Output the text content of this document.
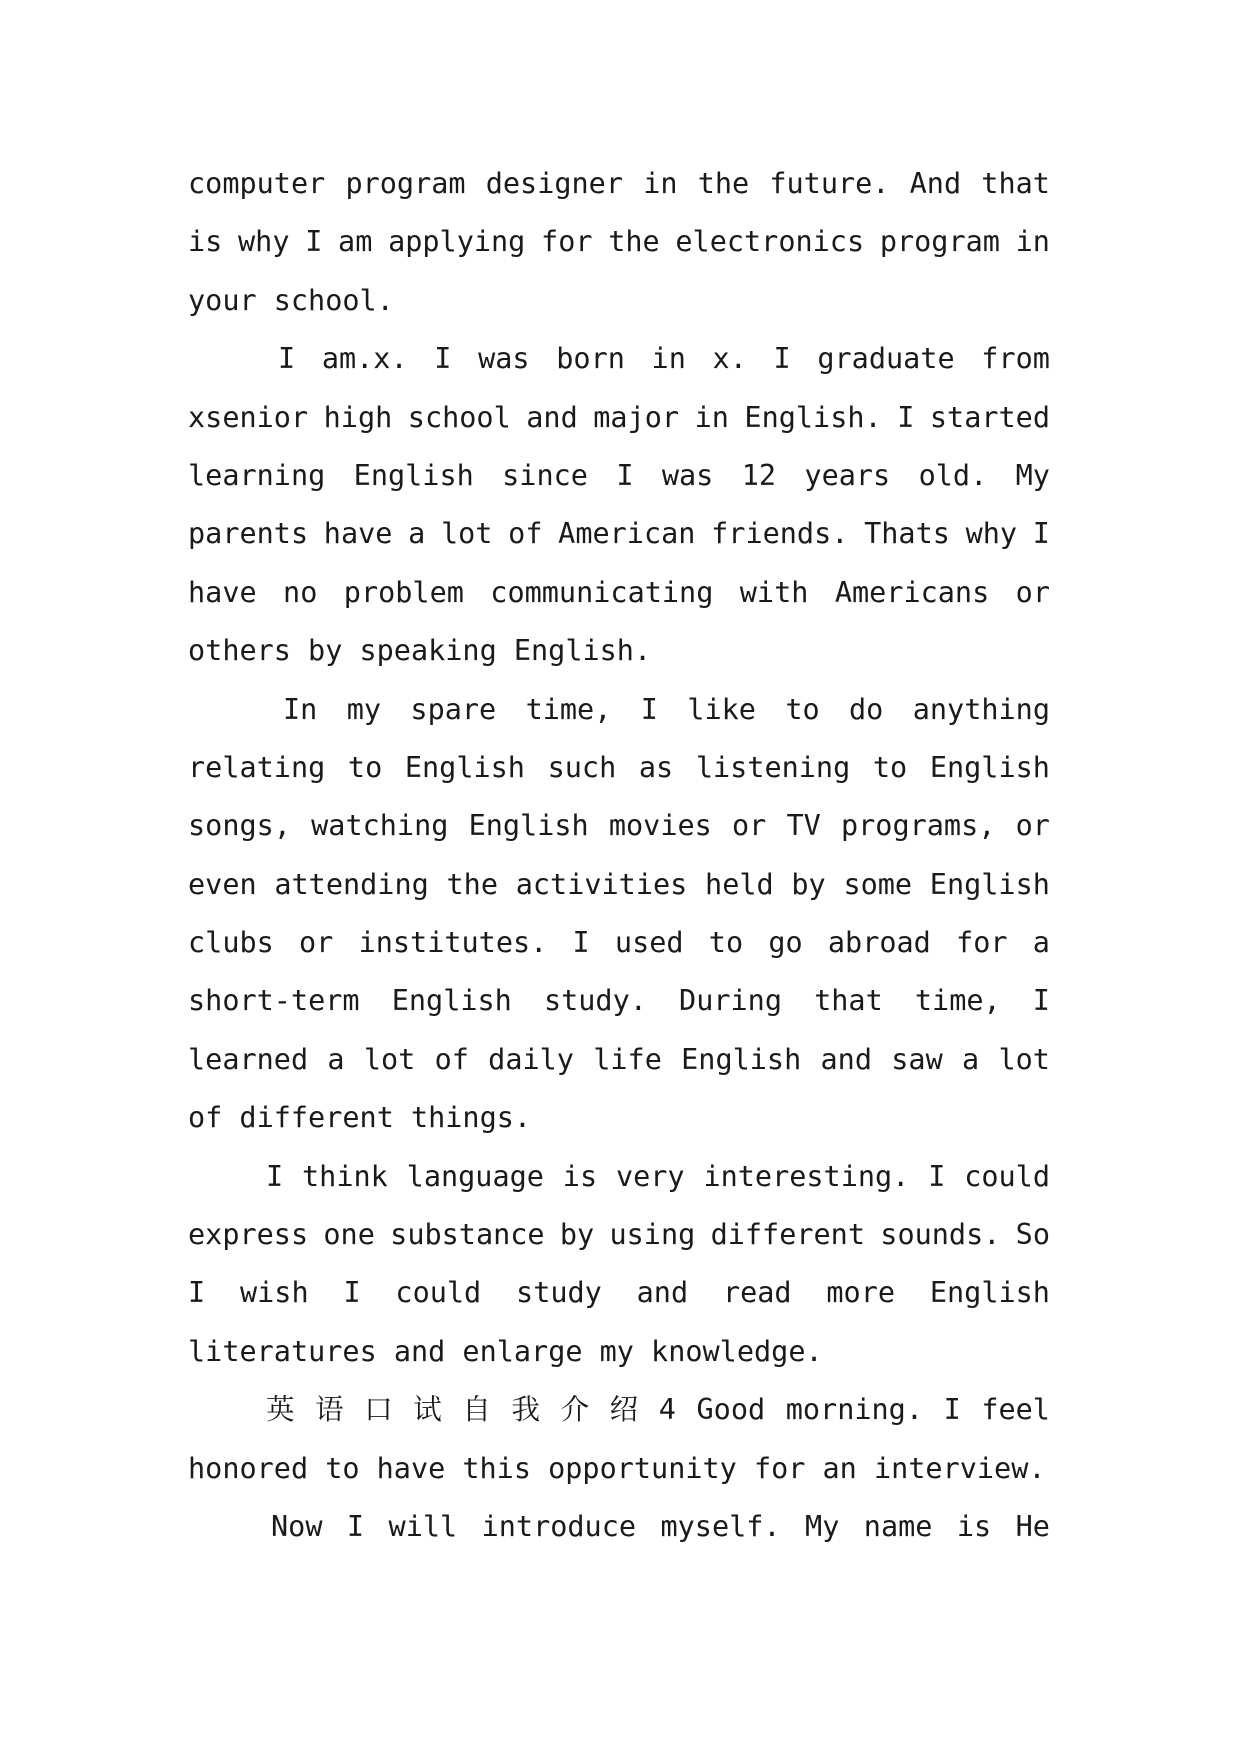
computer program designer in the future. And that
is why I am applying for the electronics program in
your school.
I am.x. I was born in x. I graduate from
xsenior high school and major in English. I started
learning English since I was 12 years old. My
parents have a lot of American friends. Thats why I
have no problem communicating with Americans or
others by speaking English.
In my spare time, I like to do anything
relating to English such as listening to English
songs, watching English movies or TV programs, or
even attending the activities held by some English
clubs or institutes. I used to go abroad for a
short-term English study. During that time, I
learned a lot of daily life English and saw a lot
of different things.
I think language is very interesting. I could
express one substance by using different sounds. So
I wish I could study and read more English
literatures and enlarge my knowledge.
英 语 口 试 自 我 介 绍 4 Good morning. I feel
honored to have this opportunity for an interview.
Now I will introduce myself. My name is He
